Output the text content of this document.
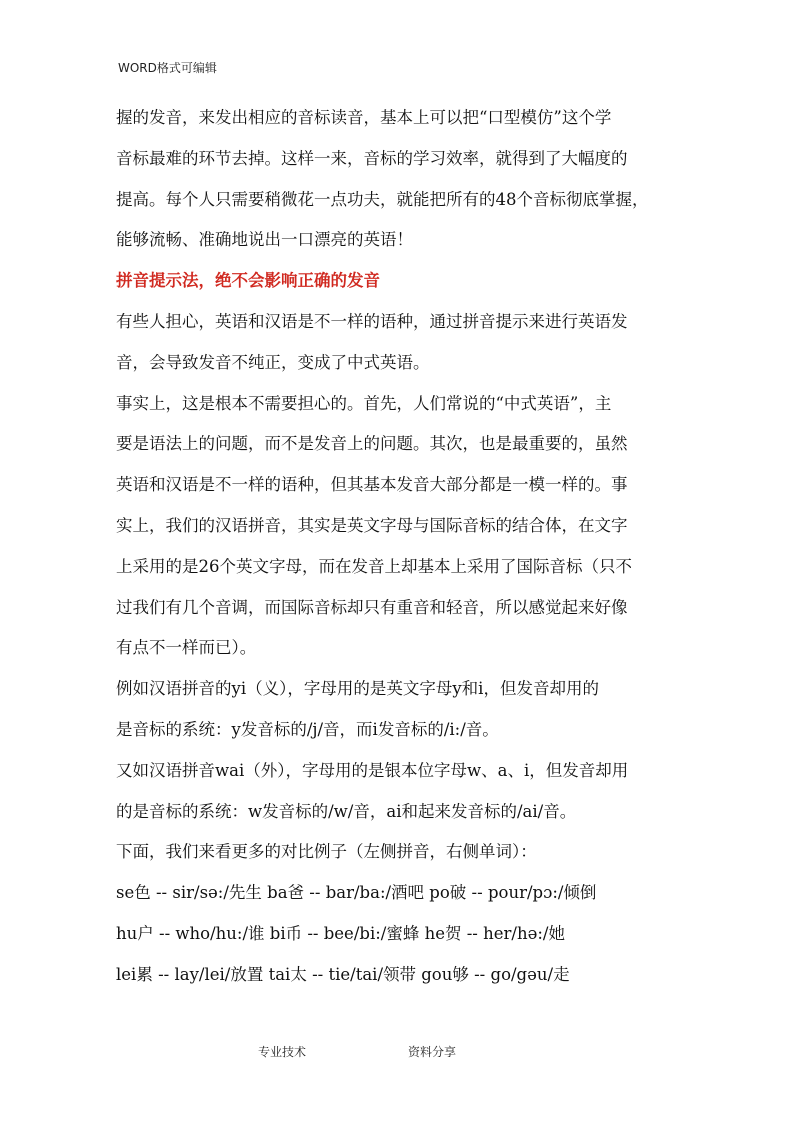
WORD格式可编辑
握的发音，来发出相应的音标读音，基本上可以把“口型模仿”这个学
音标最难的环节去掉。这样一来，音标的学习效率，就得到了大幅度的
提高。每个人只需要稍微花一点功夫，就能把所有的48个音标彻底掌握，
能够流畅、准确地说出一口漂亮的英语！
拼音提示法，绝不会影响正确的发音
有些人担心，英语和汉语是不一样的语种，通过拼音提示来进行英语发
音，会导致发音不纯正，变成了中式英语。
事实上，这是根本不需要担心的。首先，人们常说的“中式英语”，主
要是语法上的问题，而不是发音上的问题。其次，也是最重要的，虽然
英语和汉语是不一样的语种，但其基本发音大部分都是一模一样的。事
实上，我们的汉语拼音，其实是英文字母与国际音标的结合体，在文字
上采用的是26个英文字母，而在发音上却基本上采用了国际音标（只不
过我们有几个音调，而国际音标却只有重音和轻音，所以感觉起来好像
有点不一样而已）。
例如汉语拼音的yi（义），字母用的是英文字母y和i，但发音却用的
是音标的系统：y发音标的/j/音，而i发音标的/i:/音。
又如汉语拼音wai（外），字母用的是银本位字母w、a、i，但发音却用
的是音标的系统：w发音标的/w/音，ai和起来发音标的/ai/音。
下面，我们来看更多的对比例子（左侧拼音，右侧单词）：
se色 -- sir/sə:/先生 ba爸 -- bar/ba:/酒吧 po破 -- pour/pɔ:/倾倒
hu户 -- who/hu:/谁 bi币 -- bee/bi:/蜜蜂 he贺 -- her/hə:/她
lei累 -- lay/lei/放置 tai太 -- tie/tai/领带 gou够 -- go/gəu/走
专业技术	资料分享
